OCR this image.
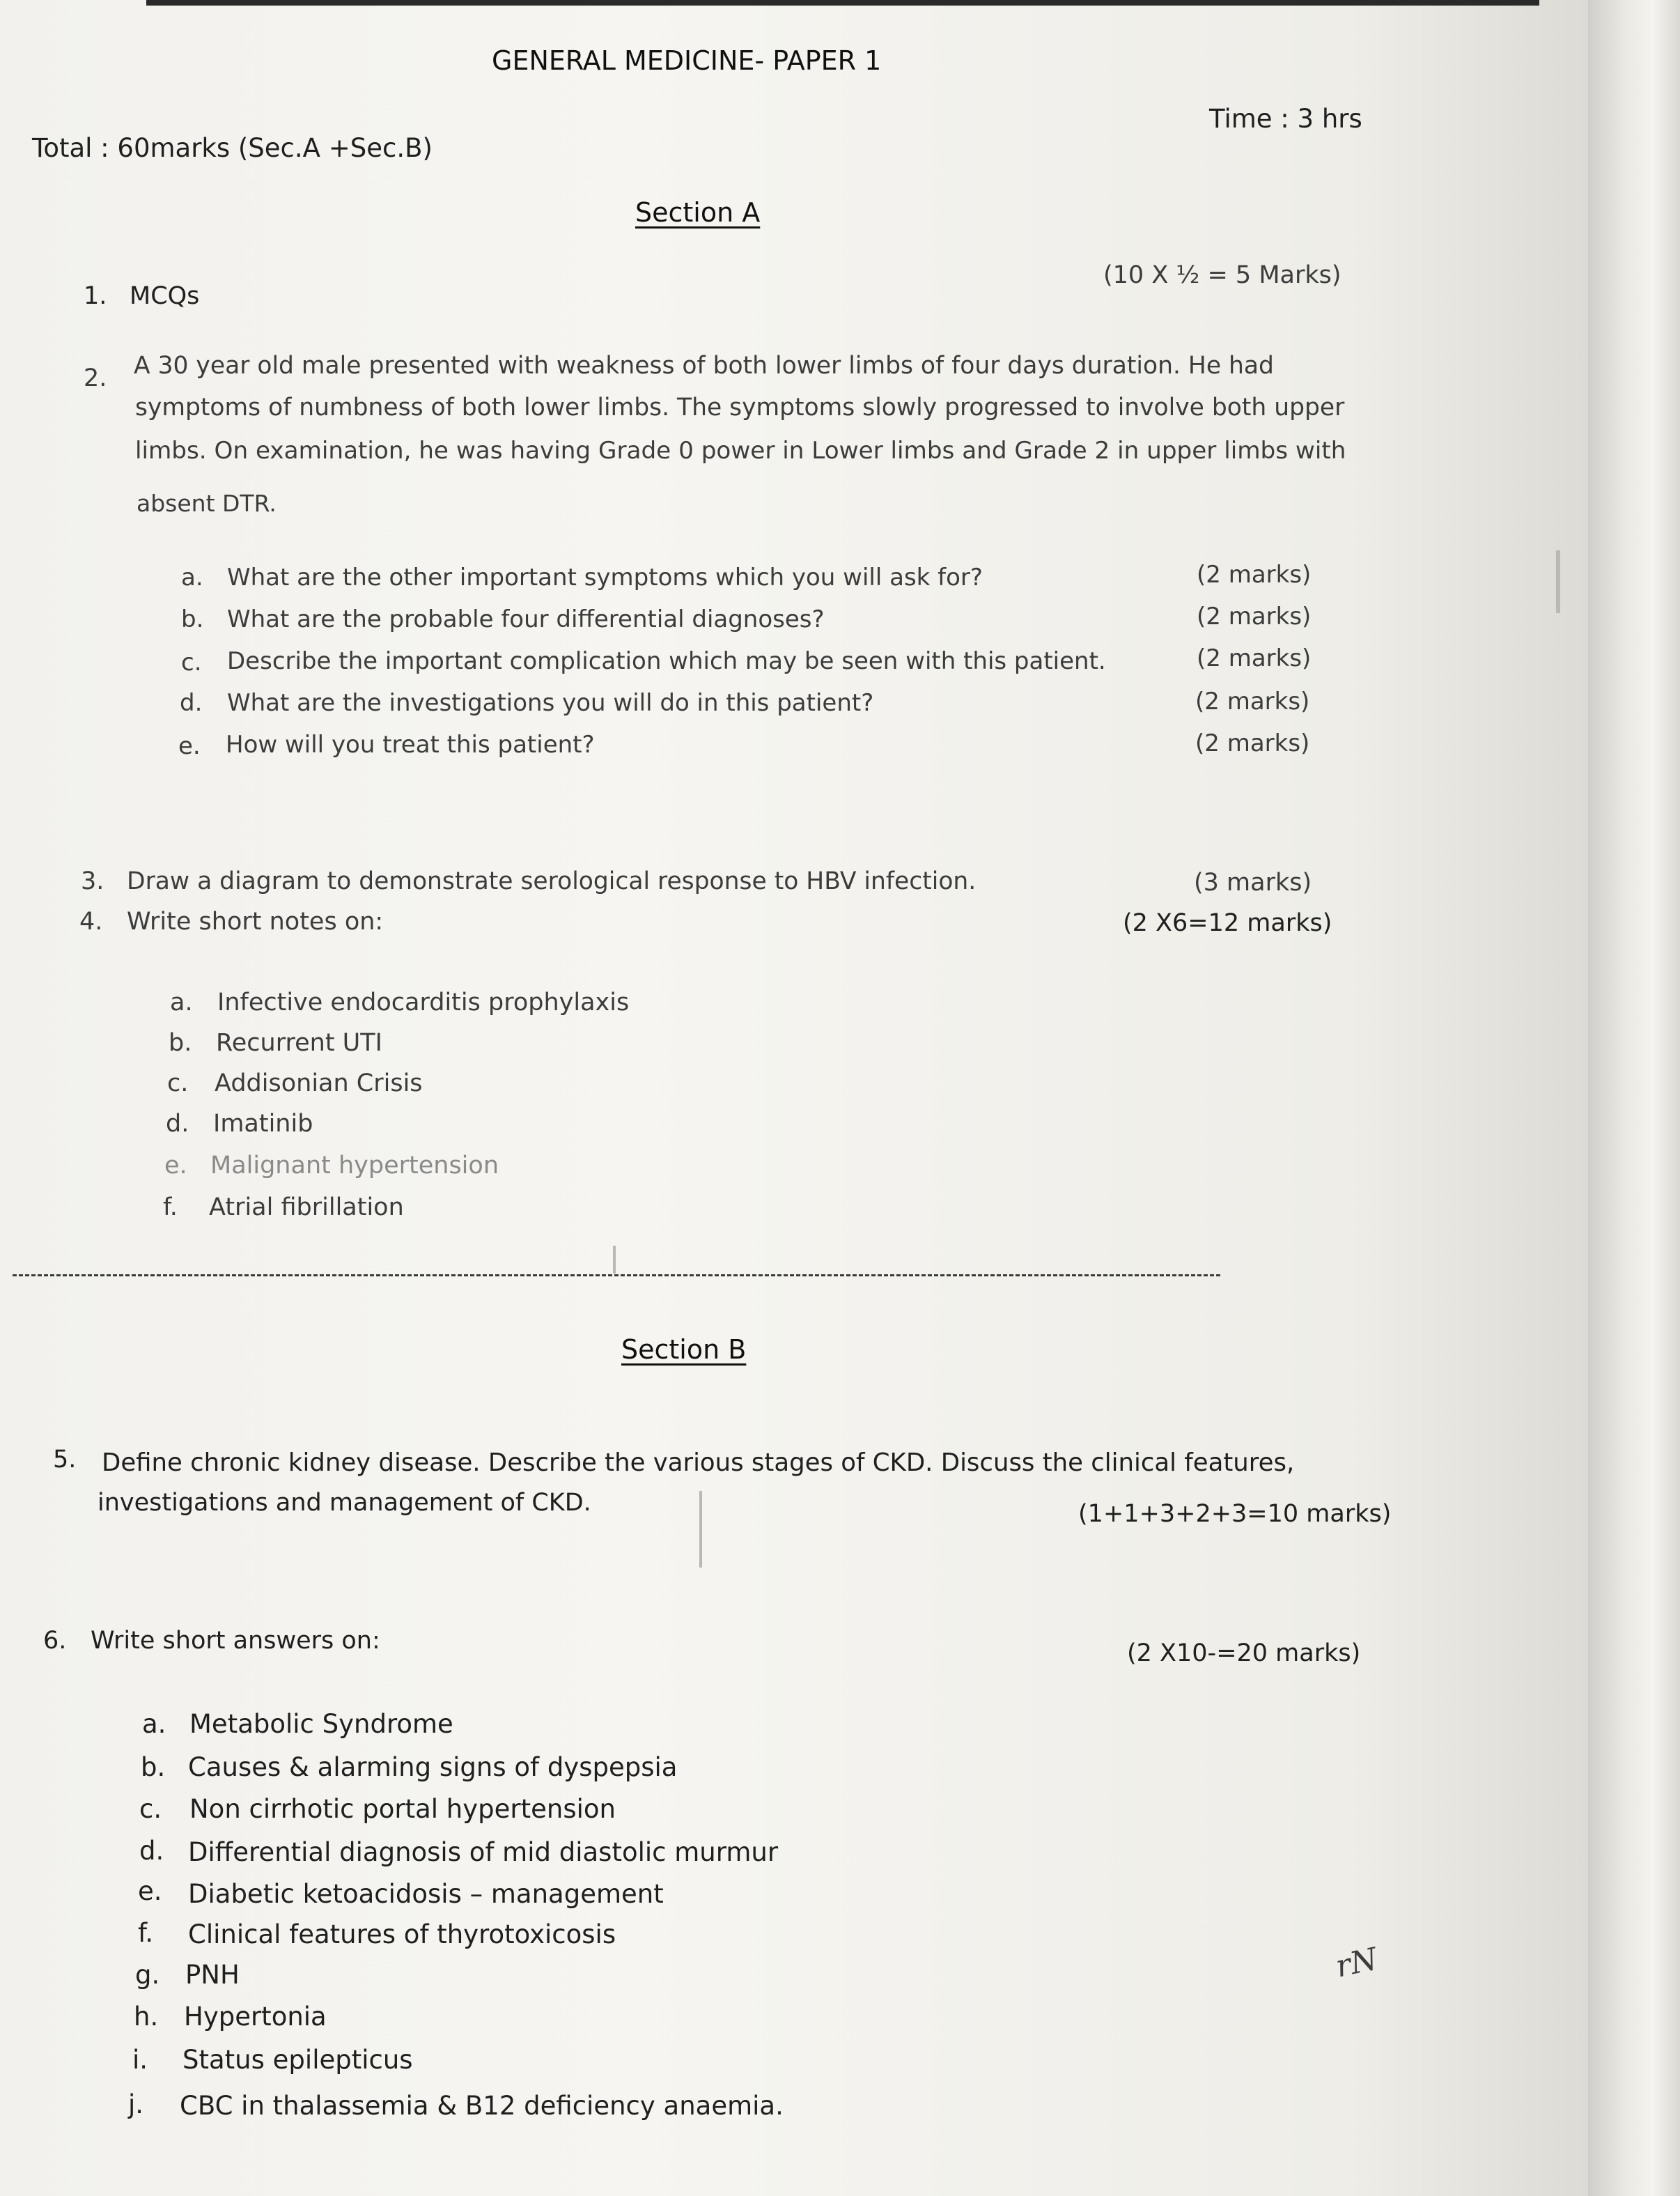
GENERAL MEDICINE- PAPER 1
Total : 60marks (Sec.A +Sec.B)
Time : 3 hrs
Section A
1. MCQs
(10 X ½ = 5 Marks)
2. A 30 year old male presented with weakness of both lower limbs of four days duration. He had
symptoms of numbness of both lower limbs. The symptoms slowly progressed to involve both upper
limbs. On examination, he was having Grade 0 power in Lower limbs and Grade 2 in upper limbs with
absent DTR.
a. What are the other important symptoms which you will ask for?	(2 marks)
b. What are the probable four differential diagnoses?	(2 marks)
c. Describe the important complication which may be seen with this patient.	(2 marks)
d. What are the investigations you will do in this patient?	(2 marks)
e. How will you treat this patient?	(2 marks)
3. Draw a diagram to demonstrate serological response to HBV infection.	(3 marks)
4. Write short notes on:	(2 X6=12 marks)
a. Infective endocarditis prophylaxis
b. Recurrent UTI
c. Addisonian Crisis
d. Imatinib
e. Malignant hypertension
f. Atrial fibrillation
Section B
5. Define chronic kidney disease. Describe the various stages of CKD. Discuss the clinical features,
investigations and management of CKD.	(1+1+3+2+3=10 marks)
6. Write short answers on:	(2 X10-=20 marks)
a. Metabolic Syndrome
b. Causes & alarming signs of dyspepsia
c. Non cirrhotic portal hypertension
d. Differential diagnosis of mid diastolic murmur
e. Diabetic ketoacidosis – management
f. Clinical features of thyrotoxicosis
g. PNH
h. Hypertonia
i. Status epilepticus
j. CBC in thalassemia & B12 deficiency anaemia.
rN
